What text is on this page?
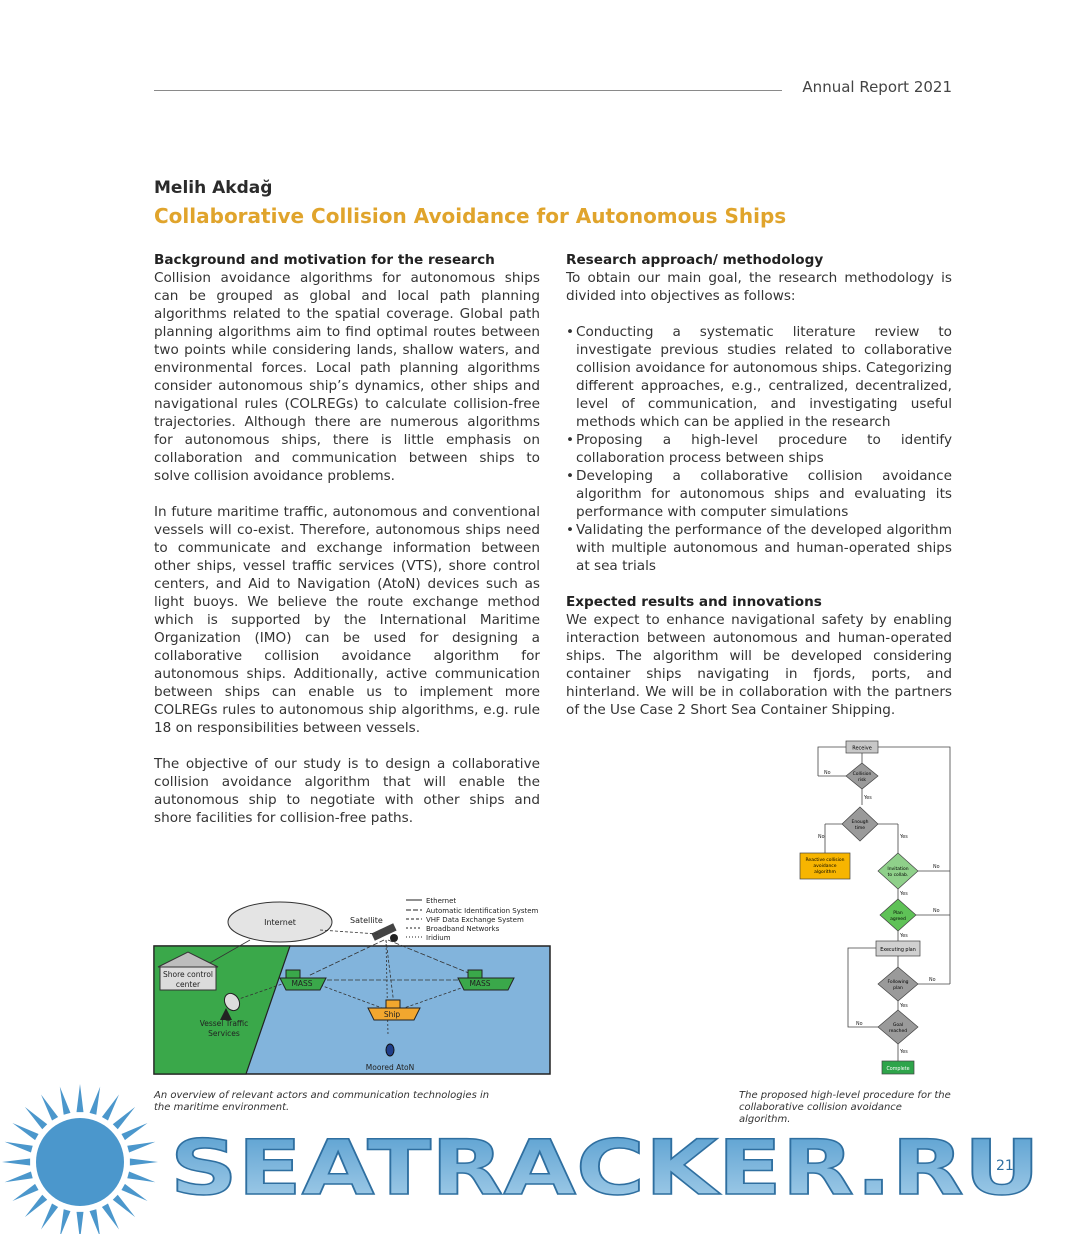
Annual Report 2021
Melih Akdağ
Collaborative Collision Avoidance for Autonomous Ships
Background and motivation for the research

Collision avoidance algorithms for autonomous ships can be grouped as global and local path planning algorithms related to the spatial coverage. Global path planning algorithms aim to find optimal routes between two points while considering lands, shallow waters, and environmental forces. Local path planning algorithms consider autonomous ship’s dynamics, other ships and navigational rules (COLREGs) to calculate collision-free trajectories. Although there are numerous algorithms for autonomous ships, there is little emphasis on collaboration and communication between ships to solve collision avoidance problems.

In future maritime traffic, autonomous and conventional vessels will co-exist. Therefore, autonomous ships need to communicate and exchange information between other ships, vessel traffic services (VTS), shore control centers, and Aid to Navigation (AtoN) devices such as light buoys. We believe the route exchange method which is supported by the International Maritime Organization (IMO) can be used for designing a collaborative collision avoidance algorithm for autonomous ships. Additionally, active communication between ships can enable us to implement more COLREGs rules to autonomous ship algorithms, e.g. rule 18 on responsibilities between vessels.

The objective of our study is to design a collaborative collision avoidance algorithm that will enable the autonomous ship to negotiate with other ships and shore facilities for collision-free paths.

Research approach/ methodology

To obtain our main goal, the research methodology is divided into objectives as follows:

• Conducting a systematic literature review to investigate previous studies related to collaborative collision avoidance for autonomous ships. Categorizing different approaches, e.g., centralized, decentralized, level of communication, and investigating useful methods which can be applied in the research
• Proposing a high-level procedure to identify collaboration process between ships
• Developing a collaborative collision avoidance algorithm for autonomous ships and evaluating its performance with computer simulations
• Validating the performance of the developed algorithm with multiple autonomous and human-operated ships at sea trials
Expected results and innovations

We expect to enhance navigational safety by enabling interaction between autonomous and human-operated ships. The algorithm will be developed considering container ships navigating in fjords, ports, and hinterland. We will be in collaboration with the partners of the Use Case 2 Short Sea Container Shipping.

Internet	Satellite
Ethernet
Automatic Identification System
VHF Data Exchange System
Broadband Networks
Iridium
Shore control
center
Vessel Traffic
Services
MASS	MASS
Ship
Moored AtoN
An overview of relevant actors and communication technologies in the maritime environment.
Receive
Collision
risk
Enough
time
Reactive collision
avoidance
algorithm
Invitation
to collab.
Plan
agreed
Executing plan
Following
plan
Goal
reached
Complete
No
Yes
No	Yes
No
Yes
No
Yes
No
Yes
No
Yes
The proposed high-level procedure for the collaborative collision avoidance algorithm.
SEATRACKER.RU
21
